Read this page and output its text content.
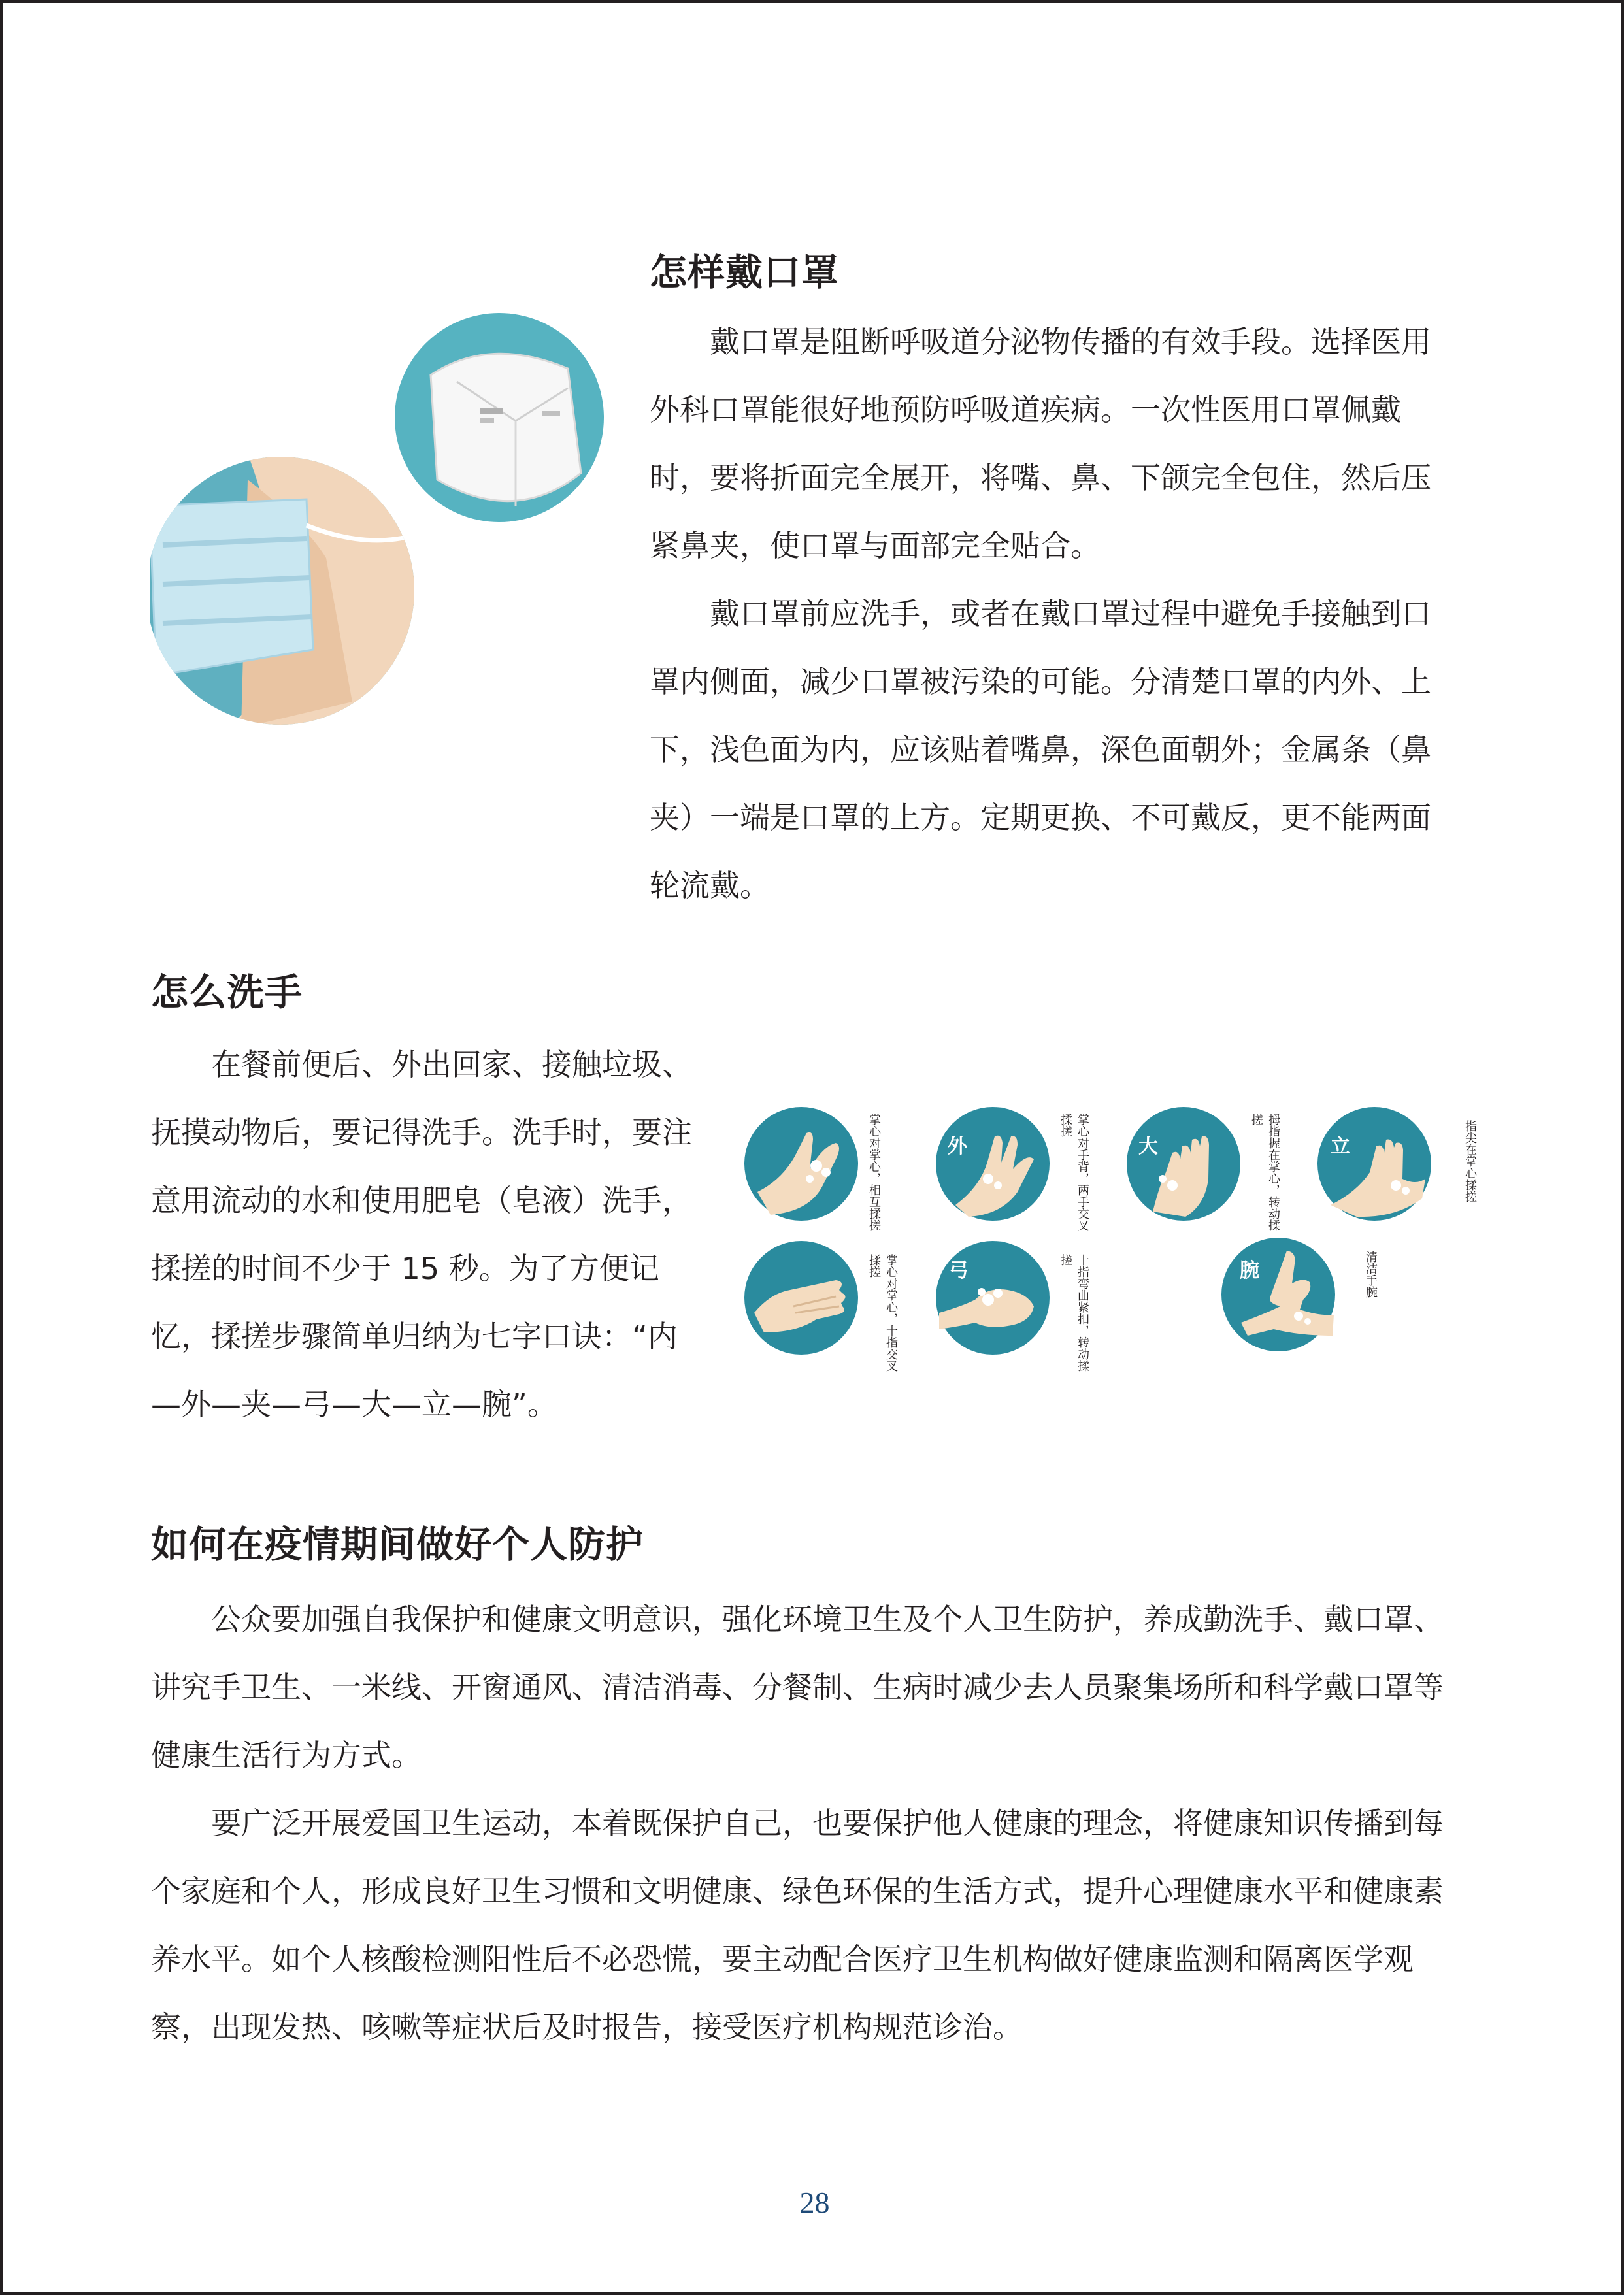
怎样戴口罩

戴口罩是阻断呼吸道分泌物传播的有效手段。选择医用外科口罩能很好地预防呼吸道疾病。一次性医用口罩佩戴时，要将折面完全展开，将嘴、鼻、下颌完全包住，然后压紧鼻夹，使口罩与面部完全贴合。

戴口罩前应洗手，或者在戴口罩过程中避免手接触到口罩内侧面，减少口罩被污染的可能。分清楚口罩的内外、上下，浅色面为内，应该贴着嘴鼻，深色面朝外；金属条（鼻夹）一端是口罩的上方。定期更换、不可戴反，更不能两面轮流戴。

怎么洗手

在餐前便后、外出回家、接触垃圾、抚摸动物后，要记得洗手。洗手时，要注意用流动的水和使用肥皂（皂液）洗手，揉搓的时间不少于 15 秒。为了方便记忆，揉搓步骤简单归纳为七字口诀：“内—外—夹—弓—大—立—腕”。

掌心对掌心，相互揉搓	外	掌心对手背，两手交叉揉搓
大	拇指握在掌心，转动揉搓
立	指尖在掌心揉搓
掌心对掌心，十指交叉揉搓	弓	十指弯曲紧扣，转动揉搓	腕	清洁手腕
如何在疫情期间做好个人防护

公众要加强自我保护和健康文明意识，强化环境卫生及个人卫生防护，养成勤洗手、戴口罩、讲究手卫生、一米线、开窗通风、清洁消毒、分餐制、生病时减少去人员聚集场所和科学戴口罩等健康生活行为方式。

要广泛开展爱国卫生运动，本着既保护自己，也要保护他人健康的理念，将健康知识传播到每个家庭和个人，形成良好卫生习惯和文明健康、绿色环保的生活方式，提升心理健康水平和健康素养水平。如个人核酸检测阳性后不必恐慌，要主动配合医疗卫生机构做好健康监测和隔离医学观察，出现发热、咳嗽等症状后及时报告，接受医疗机构规范诊治。

28
